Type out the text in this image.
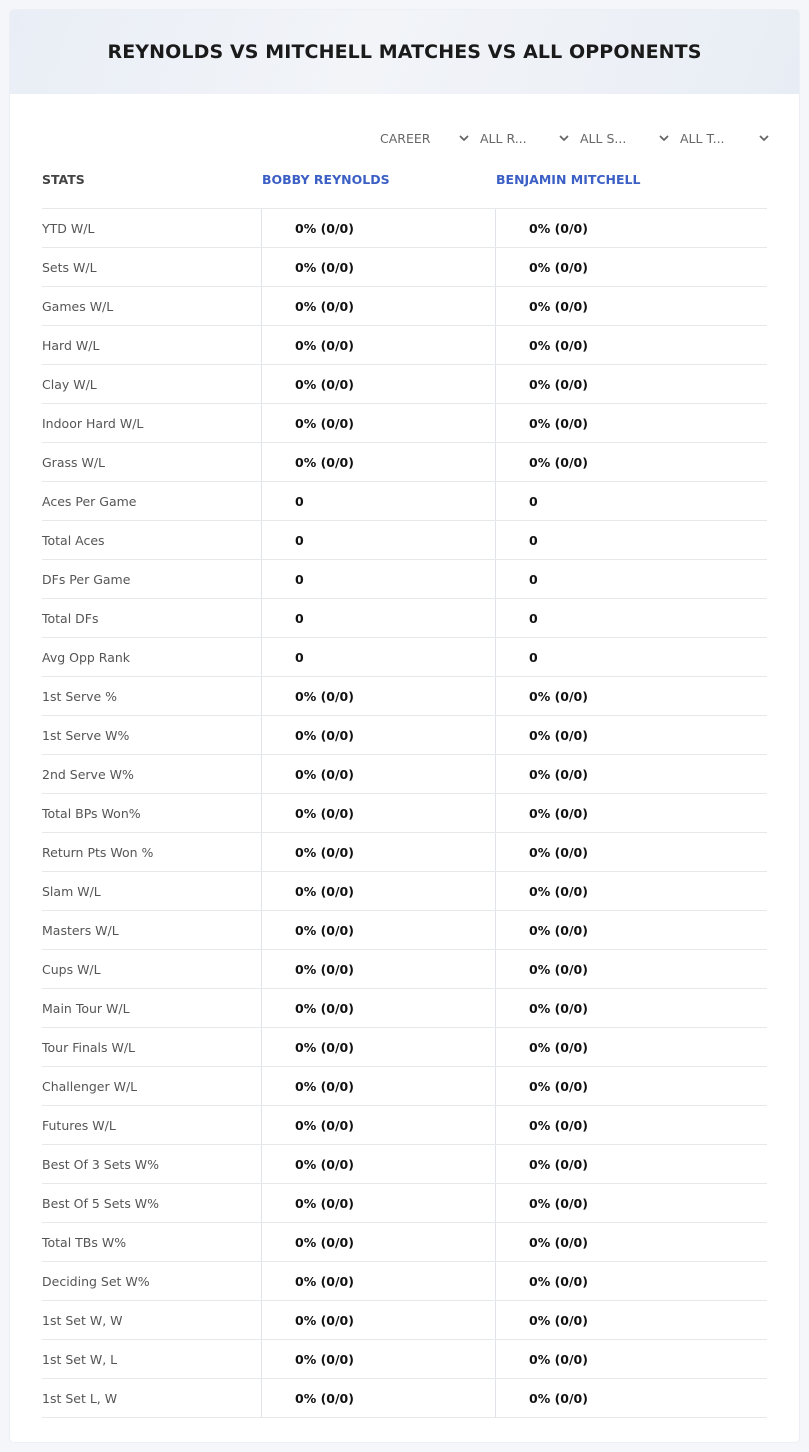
REYNOLDS VS MITCHELL MATCHES VS ALL OPPONENTS
CAREER	ALL R...	ALL S...	ALL T...
STATS	BOBBY REYNOLDS	BENJAMIN MITCHELL
YTD W/L	0% (0/0)	0% (0/0)
Sets W/L	0% (0/0)	0% (0/0)
Games W/L	0% (0/0)	0% (0/0)
Hard W/L	0% (0/0)	0% (0/0)
Clay W/L	0% (0/0)	0% (0/0)
Indoor Hard W/L	0% (0/0)	0% (0/0)
Grass W/L	0% (0/0)	0% (0/0)
Aces Per Game	0	0
Total Aces	0	0
DFs Per Game	0	0
Total DFs	0	0
Avg Opp Rank	0	0
1st Serve %	0% (0/0)	0% (0/0)
1st Serve W%	0% (0/0)	0% (0/0)
2nd Serve W%	0% (0/0)	0% (0/0)
Total BPs Won%	0% (0/0)	0% (0/0)
Return Pts Won %	0% (0/0)	0% (0/0)
Slam W/L	0% (0/0)	0% (0/0)
Masters W/L	0% (0/0)	0% (0/0)
Cups W/L	0% (0/0)	0% (0/0)
Main Tour W/L	0% (0/0)	0% (0/0)
Tour Finals W/L	0% (0/0)	0% (0/0)
Challenger W/L	0% (0/0)	0% (0/0)
Futures W/L	0% (0/0)	0% (0/0)
Best Of 3 Sets W%	0% (0/0)	0% (0/0)
Best Of 5 Sets W%	0% (0/0)	0% (0/0)
Total TBs W%	0% (0/0)	0% (0/0)
Deciding Set W%	0% (0/0)	0% (0/0)
1st Set W, W	0% (0/0)	0% (0/0)
1st Set W, L	0% (0/0)	0% (0/0)
1st Set L, W	0% (0/0)	0% (0/0)
